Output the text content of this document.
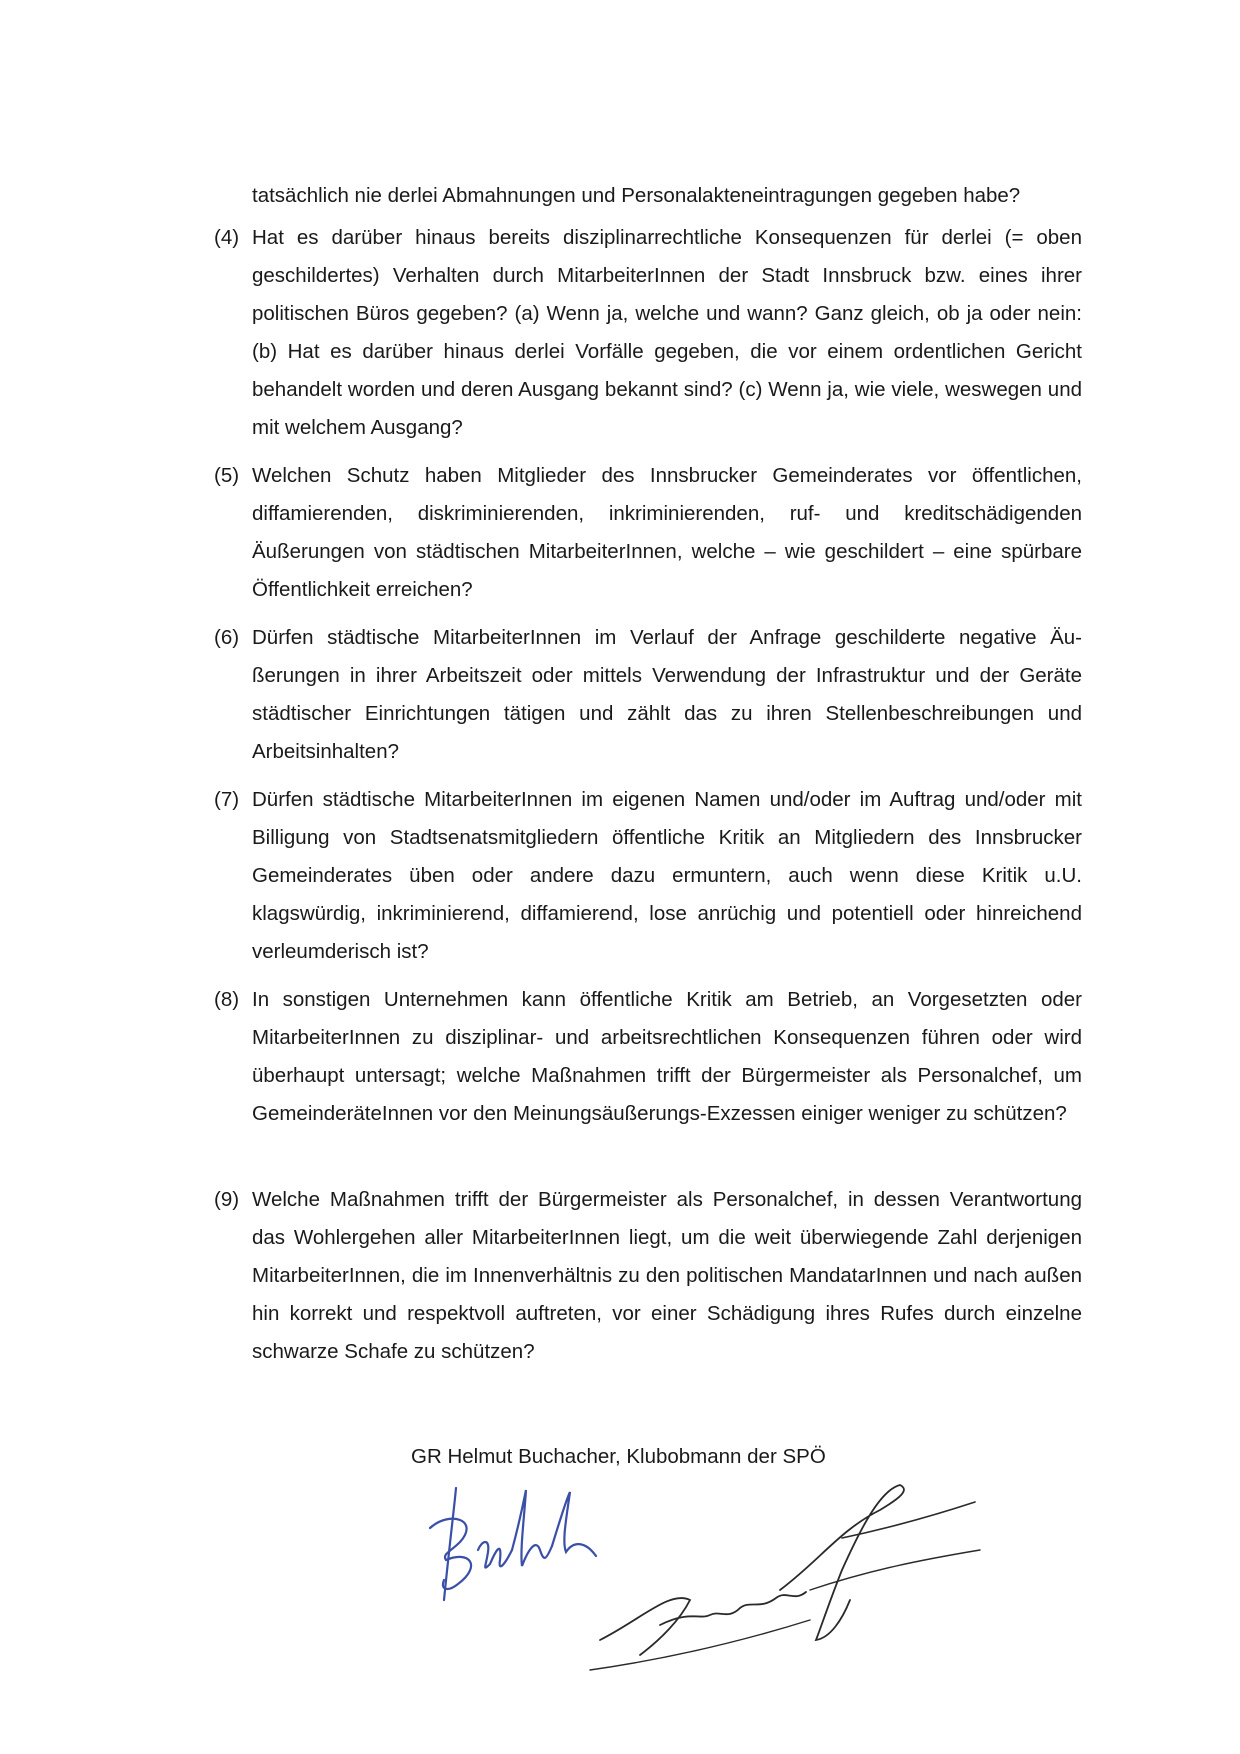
tatsächlich nie derlei Abmahnungen und Personalakteneintragungen gegeben habe?

(4) Hat es darüber hinaus bereits disziplinarrechtliche Konsequenzen für derlei (= oben geschildertes) Verhalten durch MitarbeiterInnen der Stadt Innsbruck bzw. eines ihrer politischen Büros gegeben? (a) Wenn ja, welche und wann? Ganz gleich, ob ja oder nein: (b) Hat es darüber hinaus derlei Vorfälle gegeben, die vor einem ordentlichen Gericht behandelt worden und deren Ausgang bekannt sind? (c) Wenn ja, wie viele, weswegen und mit welchem Ausgang?
(5) Welchen Schutz haben Mitglieder des Innsbrucker Gemeinderates vor öffentlichen, diffamierenden, diskriminierenden, inkriminierenden, ruf- und kreditschädigenden Äußerungen von städtischen MitarbeiterInnen, welche – wie geschildert – eine spürbare Öffentlichkeit erreichen?
(6) Dürfen städtische MitarbeiterInnen im Verlauf der Anfrage geschilderte negative Äußerungen in ihrer Arbeitszeit oder mittels Verwendung der Infrastruktur und der Geräte städtischer Einrichtungen tätigen und zählt das zu ihren Stellenbeschreibungen und Arbeitsinhalten?
(7) Dürfen städtische MitarbeiterInnen im eigenen Namen und/oder im Auftrag und/oder mit Billigung von Stadtsenatsmitgliedern öffentliche Kritik an Mitgliedern des Innsbrucker Gemeinderates üben oder andere dazu ermuntern, auch wenn diese Kritik u.U. klagswürdig, inkriminierend, diffamierend, lose anrüchig und potentiell oder hinreichend verleumderisch ist?
(8) In sonstigen Unternehmen kann öffentliche Kritik am Betrieb, an Vorgesetzten oder MitarbeiterInnen zu disziplinar- und arbeitsrechtlichen Konsequenzen führen oder wird überhaupt untersagt; welche Maßnahmen trifft der Bürgermeister als Personalchef, um GemeinderätеInnen vor den Meinungsäußerungs-Exzessen einiger weniger zu schützen?
(9) Welche Maßnahmen trifft der Bürgermeister als Personalchef, in dessen Verantwortung das Wohlergehen aller MitarbeiterInnen liegt, um die weit überwiegende Zahl derjenigen MitarbeiterInnen, die im Innenverhältnis zu den politischen MandatarInnen und nach außen hin korrekt und respektvoll auftreten, vor einer Schädigung ihres Rufes durch einzelne schwarze Schafe zu schützen?

GR Helmut Buchacher, Klubobmann der SPÖ
